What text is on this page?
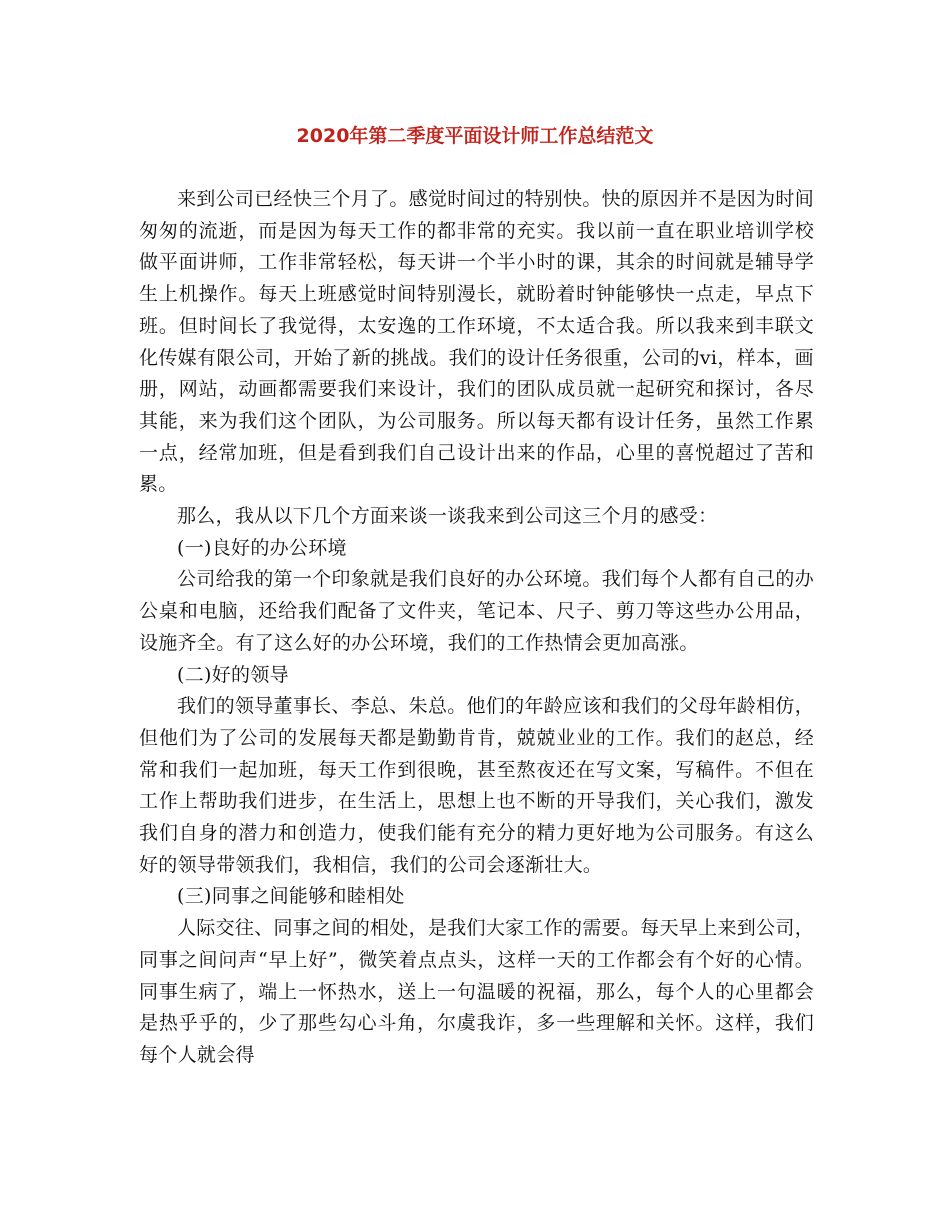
2020年第二季度平面设计师工作总结范文

来到公司已经快三个月了。感觉时间过的特别快。快的原因并不是因为时间匆匆的流逝，而是因为每天工作的都非常的充实。我以前一直在职业培训学校做平面讲师，工作非常轻松，每天讲一个半小时的课，其余的时间就是辅导学生上机操作。每天上班感觉时间特别漫长，就盼着时钟能够快一点走，早点下班。但时间长了我觉得，太安逸的工作环境，不太适合我。所以我来到丰联文化传媒有限公司，开始了新的挑战。我们的设计任务很重，公司的vi，样本，画册，网站，动画都需要我们来设计，我们的团队成员就一起研究和探讨，各尽其能，来为我们这个团队，为公司服务。所以每天都有设计任务，虽然工作累一点，经常加班，但是看到我们自己设计出来的作品，心里的喜悦超过了苦和累。

那么，我从以下几个方面来谈一谈我来到公司这三个月的感受：

(一)良好的办公环境

公司给我的第一个印象就是我们良好的办公环境。我们每个人都有自己的办公桌和电脑，还给我们配备了文件夹，笔记本、尺子、剪刀等这些办公用品，设施齐全。有了这么好的办公环境，我们的工作热情会更加高涨。

(二)好的领导

我们的领导董事长、李总、朱总。他们的年龄应该和我们的父母年龄相仿，但他们为了公司的发展每天都是勤勤肯肯，兢兢业业的工作。我们的赵总，经常和我们一起加班，每天工作到很晚，甚至熬夜还在写文案，写稿件。不但在工作上帮助我们进步，在生活上，思想上也不断的开导我们，关心我们，激发我们自身的潜力和创造力，使我们能有充分的精力更好地为公司服务。有这么好的领导带领我们，我相信，我们的公司会逐渐壮大。

(三)同事之间能够和睦相处

人际交往、同事之间的相处，是我们大家工作的需要。每天早上来到公司，同事之间问声“早上好”，微笑着点点头，这样一天的工作都会有个好的心情。同事生病了，端上一怀热水，送上一句温暖的祝福，那么，每个人的心里都会是热乎乎的，少了那些勾心斗角，尔虞我诈，多一些理解和关怀。这样，我们每个人就会得
